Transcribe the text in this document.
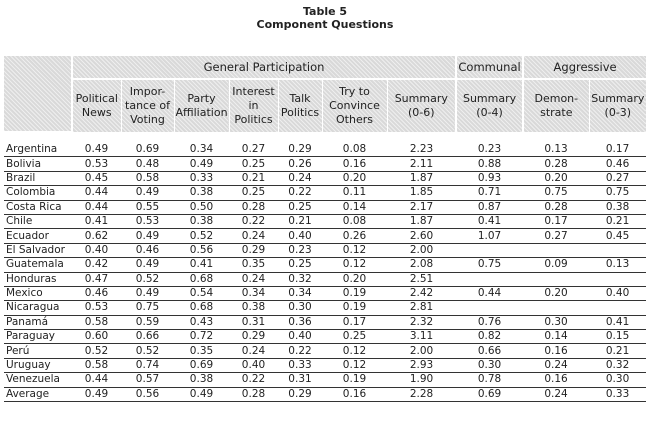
Table 5
Component Questions
	General Participation							Communal	Aggressive	
	Political News	Impor- tance of Voting	Party Affiliation	Interest in Politics	Talk Politics	Try to Convince Others	Summary (0-6)	Summary (0-4)	Demon- strate	Summary (0-3)

Argentina	0.49	0.69	0.34	0.27	0.29	0.08	2.23	0.23	0.13	0.17
Bolivia	0.53	0.48	0.49	0.25	0.26	0.16	2.11	0.88	0.28	0.46
Brazil	0.45	0.58	0.33	0.21	0.24	0.20	1.87	0.93	0.20	0.27
Colombia	0.44	0.49	0.38	0.25	0.22	0.11	1.85	0.71	0.75	0.75
Costa Rica	0.44	0.55	0.50	0.28	0.25	0.14	2.17	0.87	0.28	0.38
Chile	0.41	0.53	0.38	0.22	0.21	0.08	1.87	0.41	0.17	0.21
Ecuador	0.62	0.49	0.52	0.24	0.40	0.26	2.60	1.07	0.27	0.45
El Salvador	0.40	0.46	0.56	0.29	0.23	0.12	2.00			
Guatemala	0.42	0.49	0.41	0.35	0.25	0.12	2.08	0.75	0.09	0.13
Honduras	0.47	0.52	0.68	0.24	0.32	0.20	2.51			
Mexico	0.46	0.49	0.54	0.34	0.34	0.19	2.42	0.44	0.20	0.40
Nicaragua	0.53	0.75	0.68	0.38	0.30	0.19	2.81			
Panamá	0.58	0.59	0.43	0.31	0.36	0.17	2.32	0.76	0.30	0.41
Paraguay	0.60	0.66	0.72	0.29	0.40	0.25	3.11	0.82	0.14	0.15
Perú	0.52	0.52	0.35	0.24	0.22	0.12	2.00	0.66	0.16	0.21
Uruguay	0.58	0.74	0.69	0.40	0.33	0.12	2.93	0.30	0.24	0.32
Venezuela	0.44	0.57	0.38	0.22	0.31	0.19	1.90	0.78	0.16	0.30
Average	0.49	0.56	0.49	0.28	0.29	0.16	2.28	0.69	0.24	0.33
